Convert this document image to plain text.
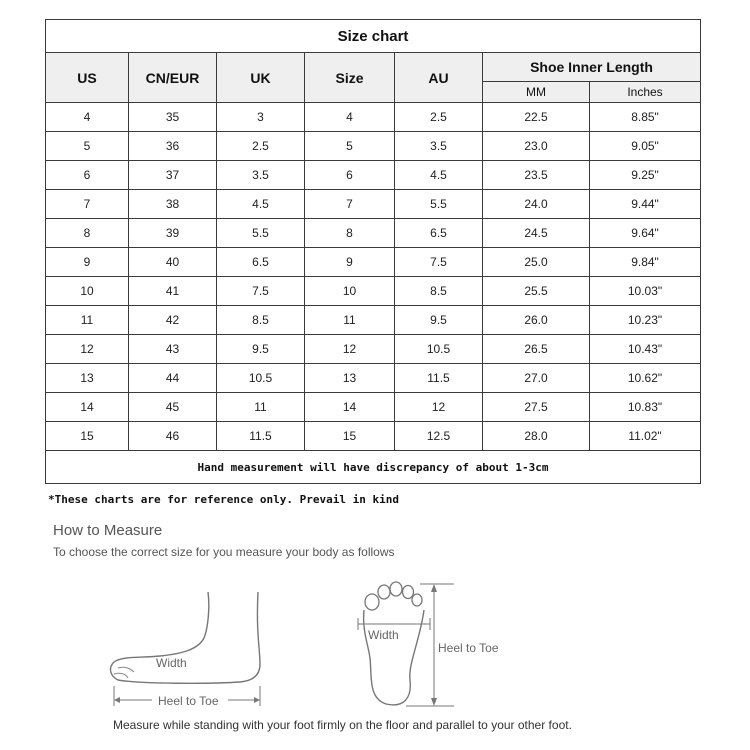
Size chart						
US	CN/EUR	UK	Size	AU	Shoe Inner Length	
					MM	Inches
4	35	3	4	2.5	22.5	8.85"
5	36	2.5	5	3.5	23.0	9.05"
6	37	3.5	6	4.5	23.5	9.25"
7	38	4.5	7	5.5	24.0	9.44"
8	39	5.5	8	6.5	24.5	9.64"
9	40	6.5	9	7.5	25.0	9.84"
10	41	7.5	10	8.5	25.5	10.03"
11	42	8.5	11	9.5	26.0	10.23"
12	43	9.5	12	10.5	26.5	10.43"
13	44	10.5	13	11.5	27.0	10.62"
14	45	11	14	12	27.5	10.83"
15	46	11.5	15	12.5	28.0	11.02"
Hand measurement will have discrepancy of about 1-3cm						
*These charts are for reference only. Prevail in kind
How to Measure
To choose the correct size for you measure your body as follows
Width
Heel to Toe
Width
Heel to Toe
Measure while standing with your foot firmly on the floor and parallel to your other foot.
